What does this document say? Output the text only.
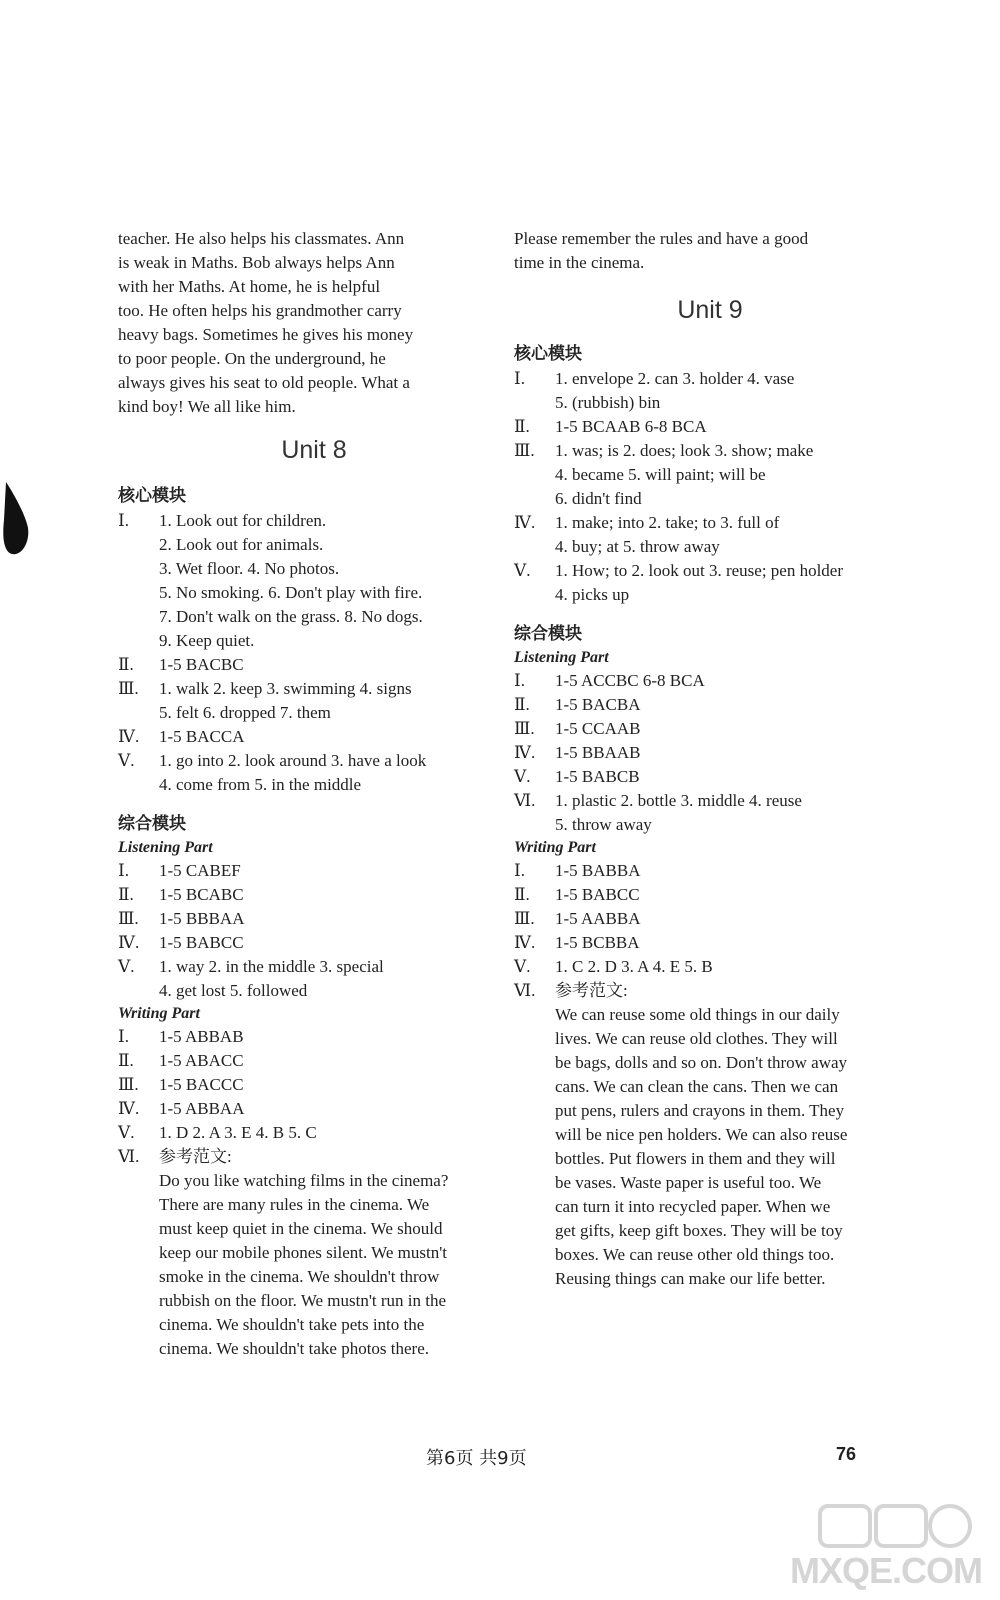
teacher. He also helps his classmates. Ann
is weak in Maths. Bob always helps Ann
with her Maths. At home, he is helpful
too. He often helps his grandmother carry
heavy bags. Sometimes he gives his money
to poor people. On the underground, he
always gives his seat to old people. What a
kind boy! We all like him.
Unit 8
核心模块
Ⅰ.	1. Look out for children.
2. Look out for animals.
3. Wet floor. 4. No photos.
5. No smoking. 6. Don't play with fire.
7. Don't walk on the grass. 8. No dogs.
9. Keep quiet.
Ⅱ.	1-5 BACBC
Ⅲ.	1. walk 2. keep 3. swimming 4. signs
5. felt 6. dropped 7. them
Ⅳ.	1-5 BACCA
Ⅴ.	1. go into 2. look around 3. have a look
4. come from 5. in the middle
综合模块
Listening Part
Ⅰ.	1-5 CABEF
Ⅱ.	1-5 BCABC
Ⅲ.	1-5 BBBAA
Ⅳ.	1-5 BABCC
Ⅴ.	1. way 2. in the middle 3. special
4. get lost 5. followed
Writing Part
Ⅰ.	1-5 ABBAB
Ⅱ.	1-5 ABACC
Ⅲ.	1-5 BACCC
Ⅳ.	1-5 ABBAA
Ⅴ.	1. D 2. A 3. E 4. B 5. C
Ⅵ.	参考范文:
Do you like watching films in the cinema?
There are many rules in the cinema. We
must keep quiet in the cinema. We should
keep our mobile phones silent. We mustn't
smoke in the cinema. We shouldn't throw
rubbish on the floor. We mustn't run in the
cinema. We shouldn't take pets into the
cinema. We shouldn't take photos there.
Please remember the rules and have a good
time in the cinema.
Unit 9
核心模块
Ⅰ.	1. envelope 2. can 3. holder 4. vase
5. (rubbish) bin
Ⅱ.	1-5 BCAAB 6-8 BCA
Ⅲ.	1. was; is 2. does; look 3. show; make
4. became 5. will paint; will be
6. didn't find
Ⅳ.	1. make; into 2. take; to 3. full of
4. buy; at 5. throw away
Ⅴ.	1. How; to 2. look out 3. reuse; pen holder
4. picks up
综合模块
Listening Part
Ⅰ.	1-5 ACCBC 6-8 BCA
Ⅱ.	1-5 BACBA
Ⅲ.	1-5 CCAAB
Ⅳ.	1-5 BBAAB
Ⅴ.	1-5 BABCB
Ⅵ.	1. plastic 2. bottle 3. middle 4. reuse
5. throw away
Writing Part
Ⅰ.	1-5 BABBA
Ⅱ.	1-5 BABCC
Ⅲ.	1-5 AABBA
Ⅳ.	1-5 BCBBA
Ⅴ.	1. C 2. D 3. A 4. E 5. B
Ⅵ.	参考范文:
We can reuse some old things in our daily
lives. We can reuse old clothes. They will
be bags, dolls and so on. Don't throw away
cans. We can clean the cans. Then we can
put pens, rulers and crayons in them. They
will be nice pen holders. We can also reuse
bottles. Put flowers in them and they will
be vases. Waste paper is useful too. We
can turn it into recycled paper. When we
get gifts, keep gift boxes. They will be toy
boxes. We can reuse other old things too.
Reusing things can make our life better.
第6页 共9页	76
MXQE.COM
